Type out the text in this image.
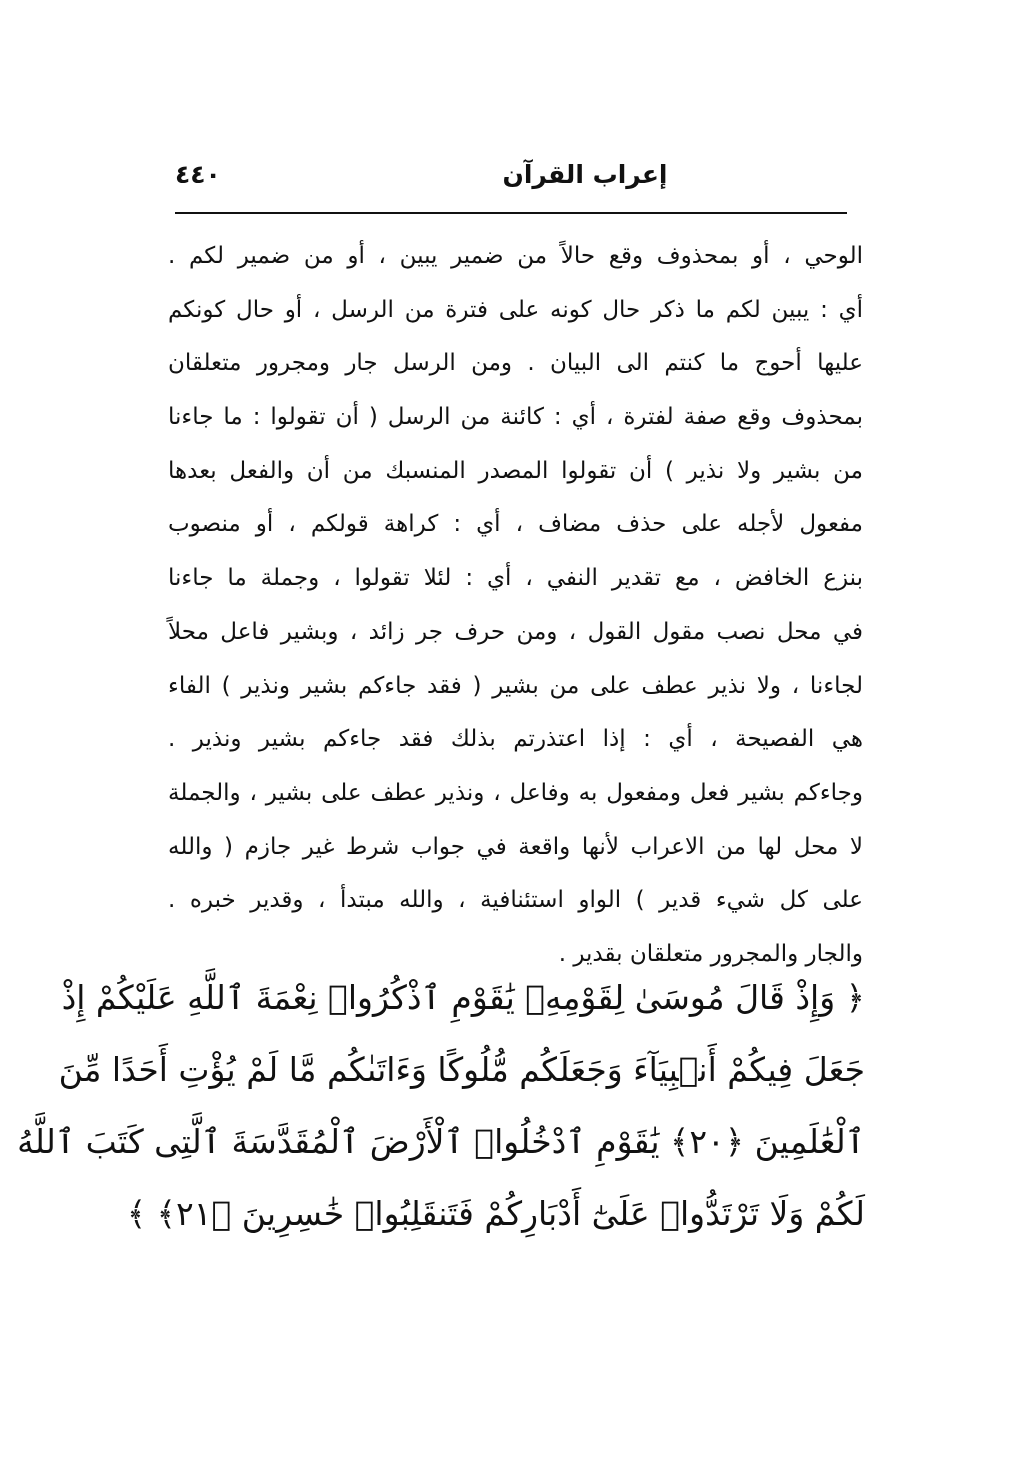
٤٤٠	إعراب القرآن
الوحي ، أو بمحذوف وقع حالاً من ضمير يبين ، أو من ضمير لكم .
أي : يبين لكم ما ذكر حال كونه على فترة من الرسل ، أو حال كونكم
عليها أحوج ما كنتم الى البيان . ومن الرسل جار ومجرور متعلقان
بمحذوف وقع صفة لفترة ، أي : كائنة من الرسل ( أن تقولوا : ما جاءنا
من بشير ولا نذير ) أن تقولوا المصدر المنسبك من أن والفعل بعدها
مفعول لأجله على حذف مضاف ، أي : كراهة قولكم ، أو منصوب
بنزع الخافض ، مع تقدير النفي ، أي : لئلا تقولوا ، وجملة ما جاءنا
في محل نصب مقول القول ، ومن حرف جر زائد ، وبشير فاعل محلاً
لجاءنا ، ولا نذير عطف على من بشير ( فقد جاءكم بشير ونذير ) الفاء
هي الفصيحة ، أي : إذا اعتذرتم بذلك فقد جاءكم بشير ونذير .
وجاءكم بشير فعل ومفعول به وفاعل ، ونذير عطف على بشير ، والجملة
لا محل لها من الاعراب لأنها واقعة في جواب شرط غير جازم ( والله
على كل شيء قدير ) الواو استئنافية ، والله مبتدأ ، وقدير خبره .
والجار والمجرور متعلقان بقدير .
﴿ وَإِذْ قَالَ مُوسَىٰ لِقَوْمِهِۦ يَٰقَوْمِ ٱذْكُرُوا۟ نِعْمَةَ ٱللَّهِ عَلَيْكُمْ إِذْ
جَعَلَ فِيكُمْ أَنۢبِيَآءَ وَجَعَلَكُم مُّلُوكًا وَءَاتَىٰكُم مَّا لَمْ يُؤْتِ أَحَدًا مِّنَ
ٱلْعَٰلَمِينَ ﴿٢٠﴾ يَٰقَوْمِ ٱدْخُلُوا۟ ٱلْأَرْضَ ٱلْمُقَدَّسَةَ ٱلَّتِى كَتَبَ ٱللَّهُ
لَكُمْ وَلَا تَرْتَدُّوا۟ عَلَىٰٓ أَدْبَارِكُمْ فَتَنقَلِبُوا۟ خَٰسِرِينَ ﴿٢١﴾ ﴾
